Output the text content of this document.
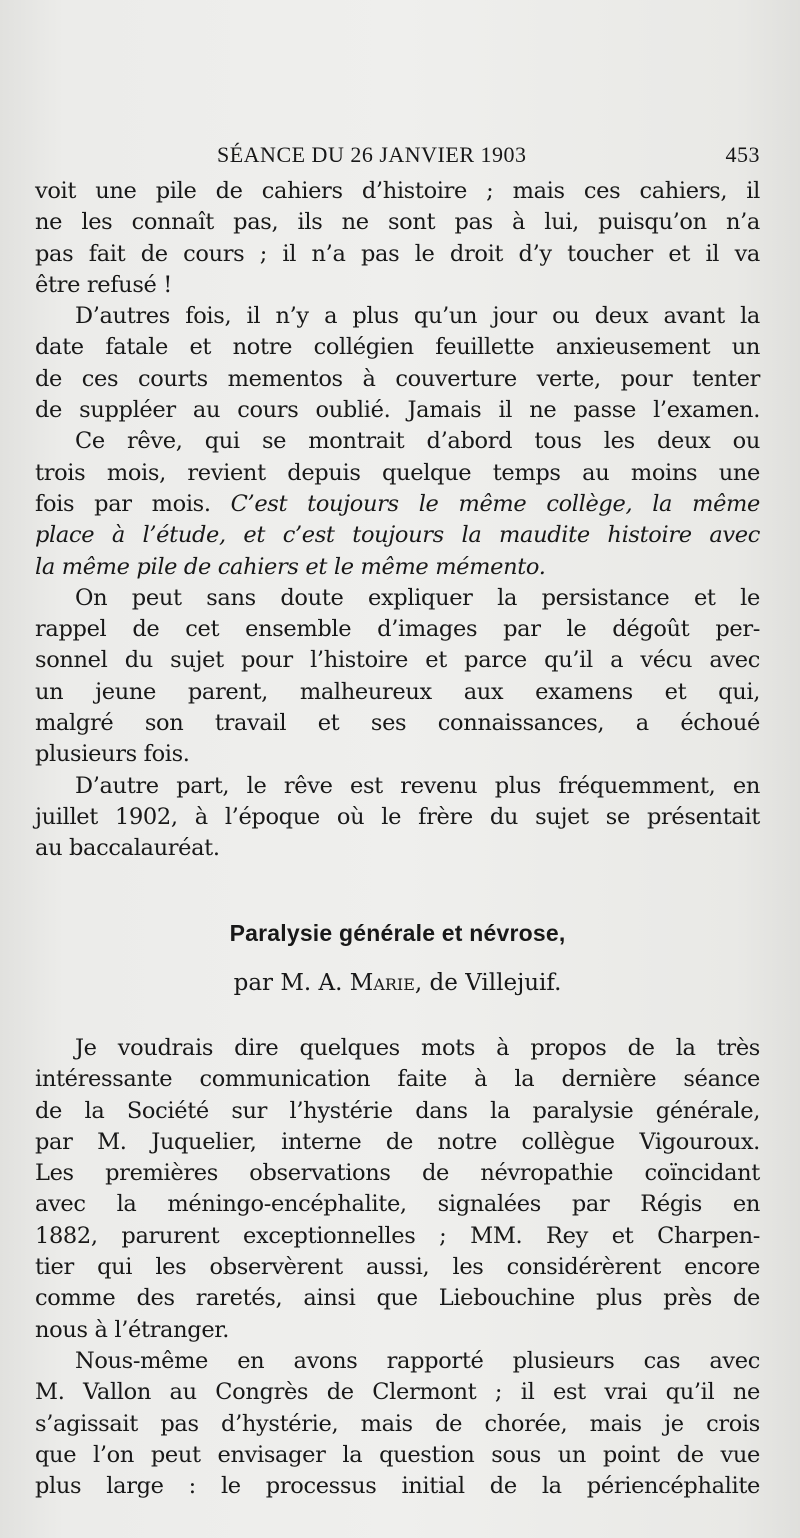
SÉANCE DU 26 JANVIER 1903	453
voit une pile de cahiers d’histoire ; mais ces cahiers, il
ne les connaît pas, ils ne sont pas à lui, puisqu’on n’a
pas fait de cours ; il n’a pas le droit d’y toucher et il va
être refusé !
D’autres fois, il n’y a plus qu’un jour ou deux avant la
date fatale et notre collégien feuillette anxieusement un
de ces courts mementos à couverture verte, pour tenter
de suppléer au cours oublié. Jamais il ne passe l’examen.
Ce rêve, qui se montrait d’abord tous les deux ou
trois mois, revient depuis quelque temps au moins une
fois par mois. C’est toujours le même collège, la même
place à l’étude, et c’est toujours la maudite histoire avec
la même pile de cahiers et le même mémento.
On peut sans doute expliquer la persistance et le
rappel de cet ensemble d’images par le dégoût per-
sonnel du sujet pour l’histoire et parce qu’il a vécu avec
un jeune parent, malheureux aux examens et qui,
malgré son travail et ses connaissances, a échoué
plusieurs fois.
D’autre part, le rêve est revenu plus fréquemment, en
juillet 1902, à l’époque où le frère du sujet se présentait
au baccalauréat.
Paralysie générale et névrose,
par M. A. Marie, de Villejuif.
Je voudrais dire quelques mots à propos de la très
intéressante communication faite à la dernière séance
de la Société sur l’hystérie dans la paralysie générale,
par M. Juquelier, interne de notre collègue Vigouroux.
Les premières observations de névropathie coïncidant
avec la méningo-encéphalite, signalées par Régis en
1882, parurent exceptionnelles ; MM. Rey et Charpen-
tier qui les observèrent aussi, les considérèrent encore
comme des raretés, ainsi que Liebouchine plus près de
nous à l’étranger.
Nous-même en avons rapporté plusieurs cas avec
M. Vallon au Congrès de Clermont ; il est vrai qu’il ne
s’agissait pas d’hystérie, mais de chorée, mais je crois
que l’on peut envisager la question sous un point de vue
plus large : le processus initial de la périencéphalite
